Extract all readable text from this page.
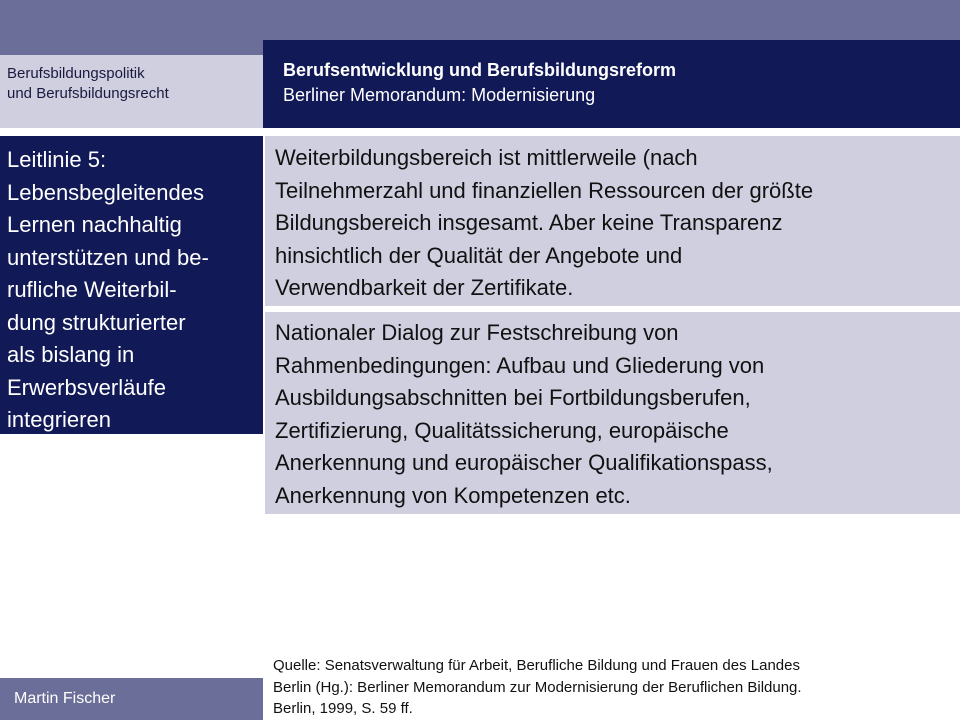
Berufsbildungspolitik
und Berufsbildungsrecht
Berufsentwicklung und Berufsbildungsreform
Berliner Memorandum: Modernisierung
Leitlinie 5:
Lebensbegleitendes
Lernen nachhaltig
unterstützen und be-
rufliche Weiterbil-
dung strukturierter
als bislang in
Erwerbsverläufe
integrieren
Weiterbildungsbereich ist mittlerweile (nach
Teilnehmerzahl und finanziellen Ressourcen der größte
Bildungsbereich insgesamt. Aber keine Transparenz
hinsichtlich der Qualität der Angebote und
Verwendbarkeit der Zertifikate.
Nationaler Dialog zur Festschreibung von
Rahmenbedingungen: Aufbau und Gliederung von
Ausbildungsabschnitten bei Fortbildungsberufen,
Zertifizierung, Qualitätssicherung, europäische
Anerkennung und europäischer Qualifikationspass,
Anerkennung von Kompetenzen etc.
Martin Fischer
Quelle: Senatsverwaltung für Arbeit, Berufliche Bildung und Frauen des Landes
Berlin (Hg.): Berliner Memorandum zur Modernisierung der Beruflichen Bildung.
Berlin, 1999, S. 59 ff.
